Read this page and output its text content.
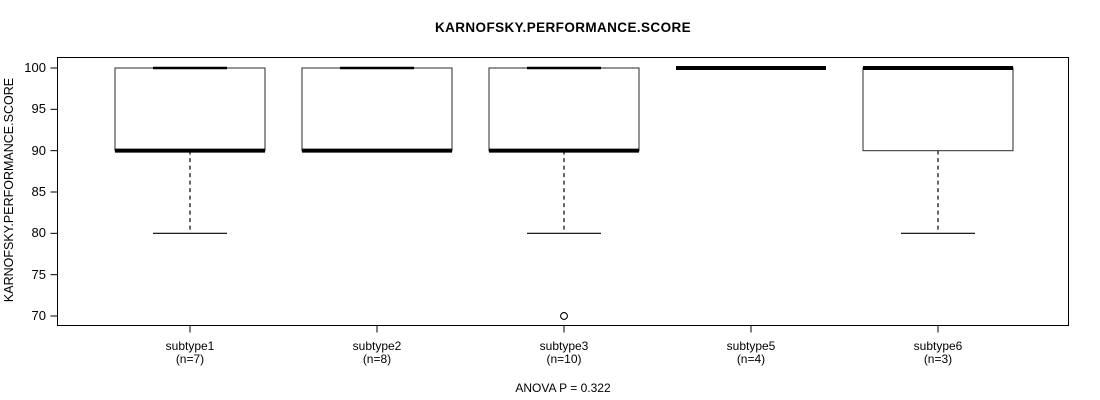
KARNOFSKY.PERFORMANCE.SCORE
KARNOFSKY.PERFORMANCE.SCORE
ANOVA P = 0.322
70
75
80
85
90
95
100
subtype1
(n=7)
subtype2
(n=8)
subtype3
(n=10)
subtype5
(n=4)
subtype6
(n=3)
